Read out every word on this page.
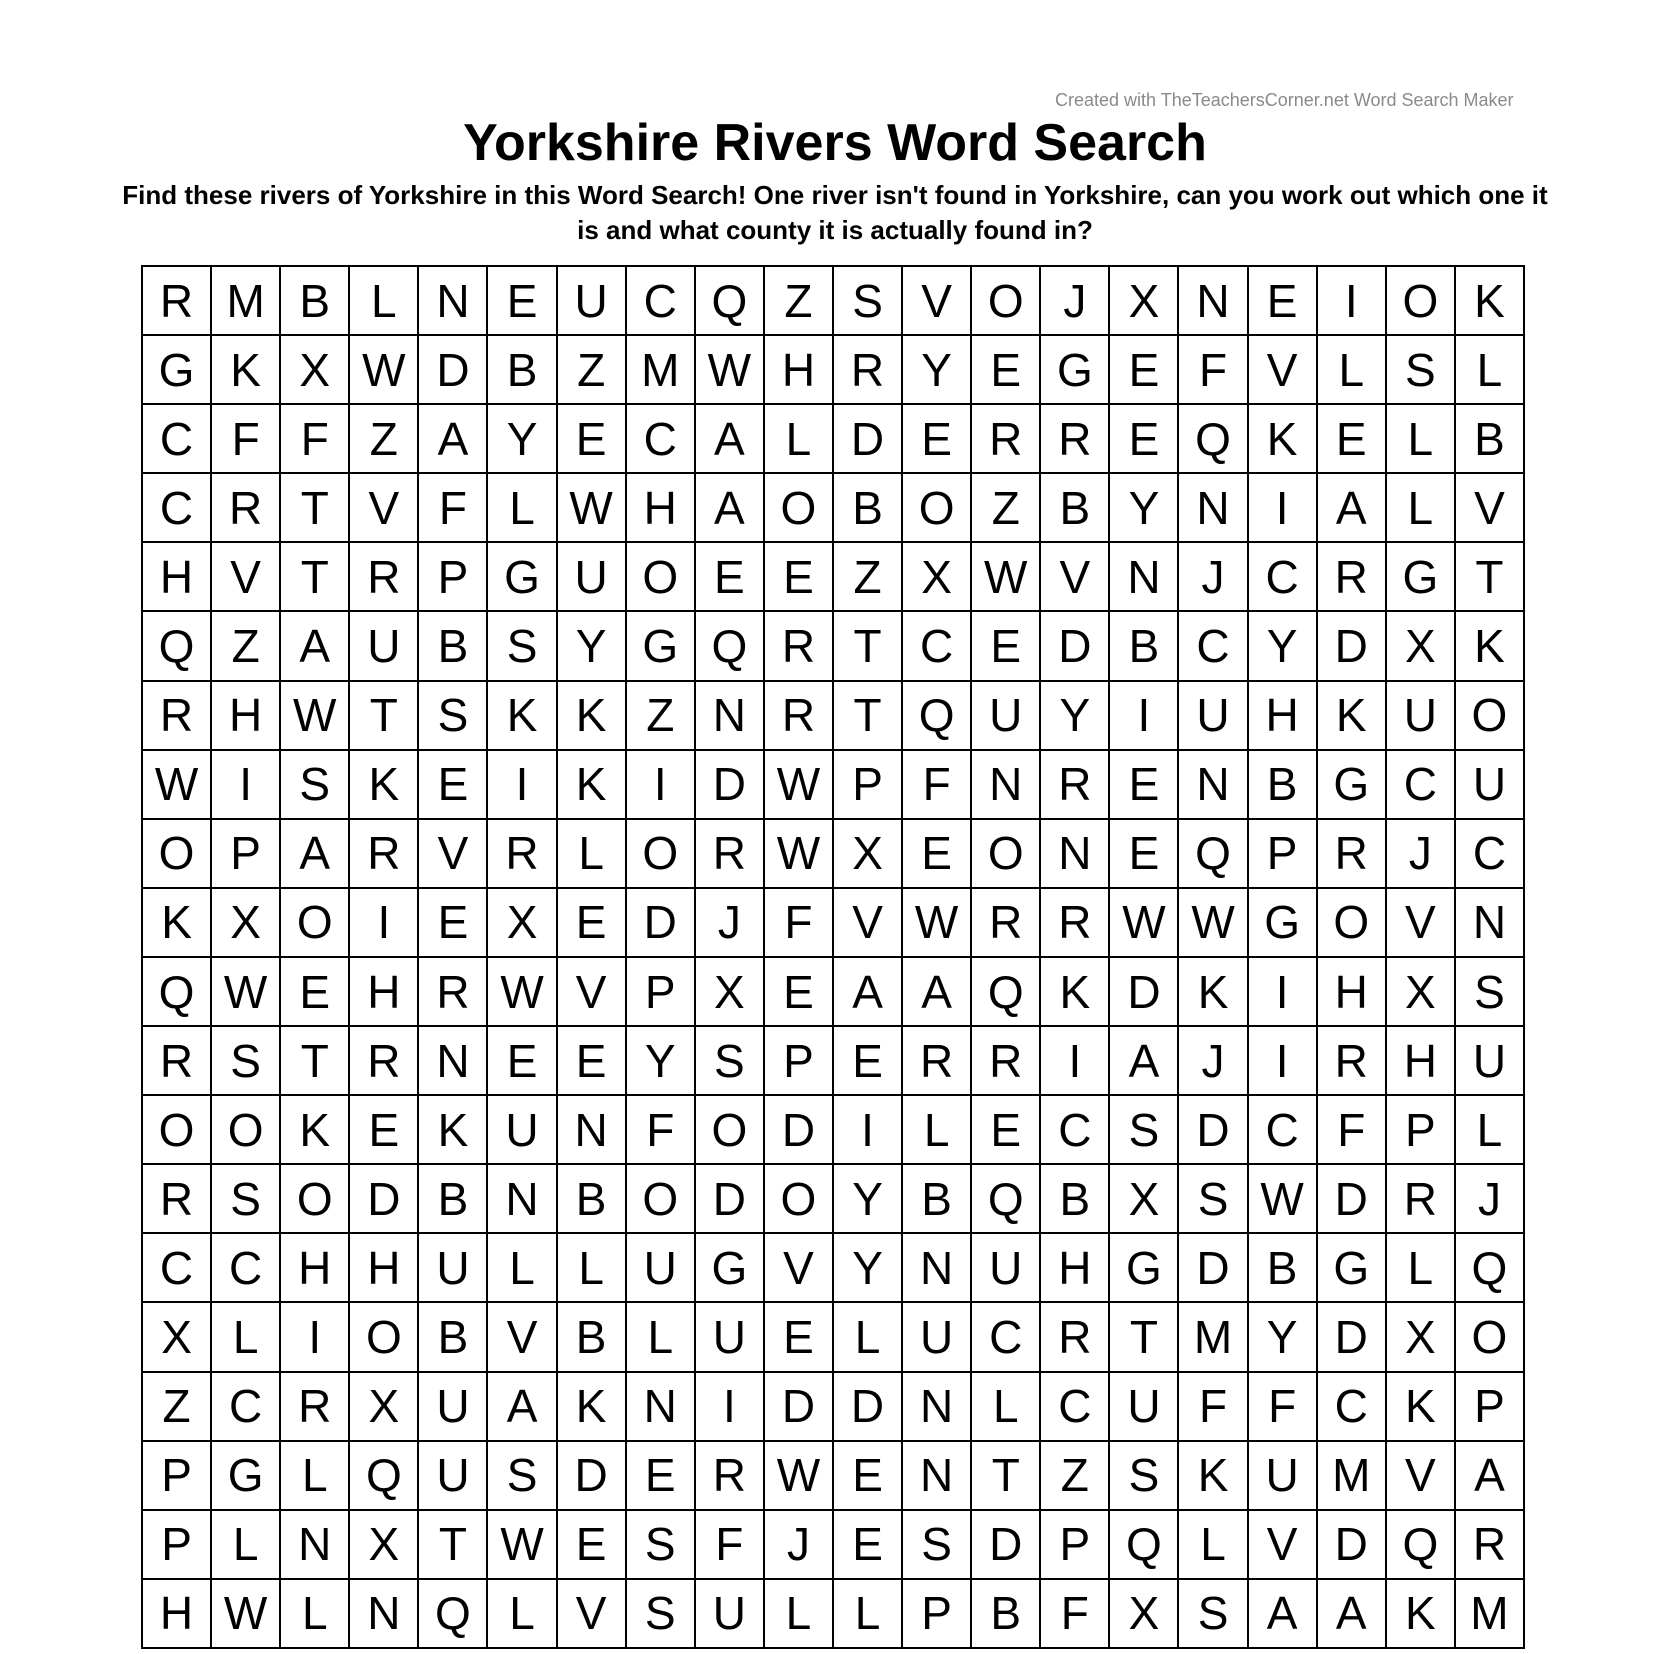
Created with TheTeachersCorner.net Word Search Maker
Yorkshire Rivers Word Search
Find these rivers of Yorkshire in this Word Search! One river isn't found in Yorkshire, can you work out which one it is and what county it is actually found in?
R M B L N E U C Q Z S V O J X N E	I O K
G K X W D B Z M W H R Y E G E F V L S L
C F F Z A Y E C A L D E R R E Q K E L B
C R T V F L W H A O B O Z B Y N	I	A L V
H V T R P G U O E E Z X W V N J C R G T
Q Z A U B S Y G Q R T C E D B C Y D X K
R H W T S K K Z N R T Q U Y	I	U H K U O
W I	S K E	I	K	I	D W P F N R E N B G C U
O P A R V R L O R W X E O N E Q P R J C
K X O I	E X E D J F V W R R W W G O V N
Q W E H R W V P X E A A Q K D K	I	H X S
R S T R N E E Y S P E R R	I	A J	I	R H U
O O K E K U N F O D	I	L E C S D C F P L
R S O D B N B O D O Y B Q B X S W D R J
C C H H U L L U G V Y N U H G D B G L Q
X L	I O B V B L U E L U C R T M Y D X O
Z C R X U A K N	I	D D N L C U F F C K P
P G L Q U S D E R W E N T Z S K U M V A
P L N X T W E S F J E S D P Q L V D Q R
H W L N Q L V S U L L P B F X S A A K M
